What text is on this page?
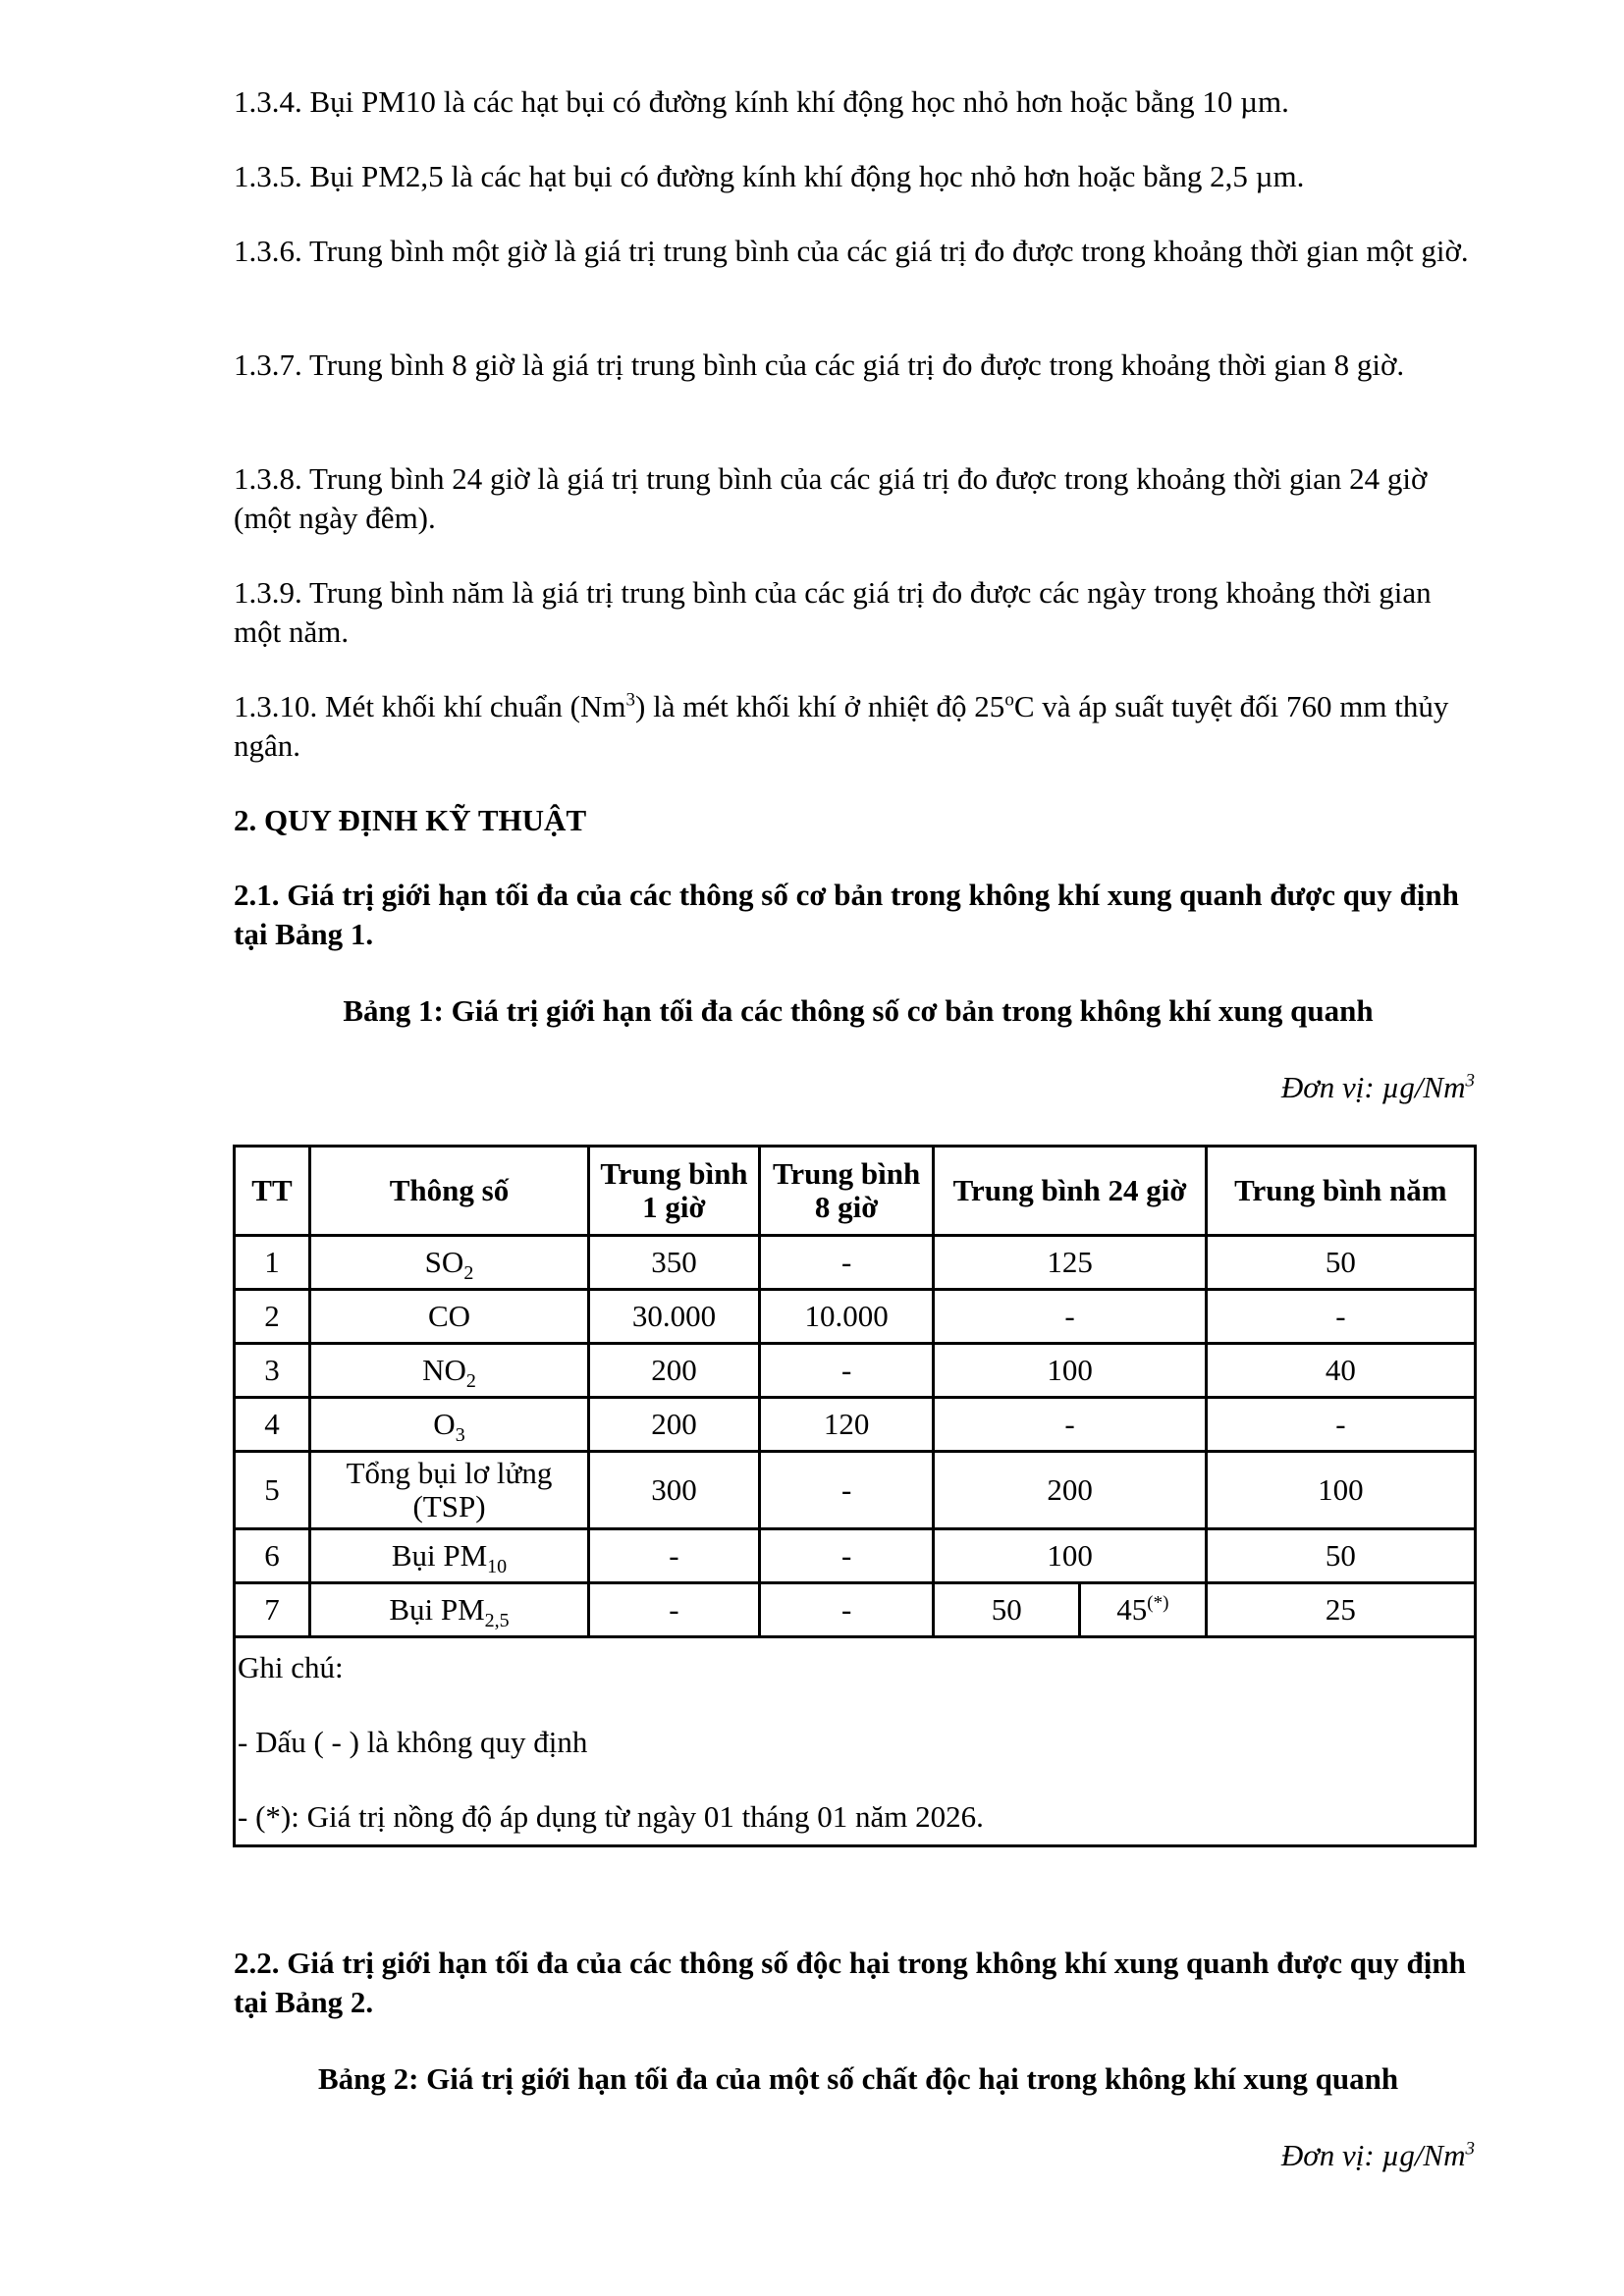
1.3.4. Bụi PM10 là các hạt bụi có đường kính khí động học nhỏ hơn hoặc bằng 10 µm.

1.3.5. Bụi PM2,5 là các hạt bụi có đường kính khí động học nhỏ hơn hoặc bằng 2,5 µm.

1.3.6. Trung bình một giờ là giá trị trung bình của các giá trị đo được trong khoảng thời gian một giờ.

1.3.7. Trung bình 8 giờ là giá trị trung bình của các giá trị đo được trong khoảng thời gian 8 giờ.

1.3.8. Trung bình 24 giờ là giá trị trung bình của các giá trị đo được trong khoảng thời gian 24 giờ (một ngày đêm).

1.3.9. Trung bình năm là giá trị trung bình của các giá trị đo được các ngày trong khoảng thời gian một năm.

1.3.10. Mét khối khí chuẩn (Nm$^3$) là mét khối khí ở nhiệt độ 25$^o$C và áp suất tuyệt đối 760 mm thủy ngân.

2. QUY ĐỊNH KỸ THUẬT

2.1. Giá trị giới hạn tối đa của các thông số cơ bản trong không khí xung quanh được quy định tại Bảng 1.

Bảng 1: Giá trị giới hạn tối đa các thông số cơ bản trong không khí xung quanh

Đơn vị: µg/Nm$^3$

TT	Thông số	Trung bình 1 giờ	Trung bình 8 giờ	Trung bình 24 giờ		Trung bình năm
1	$SO_2$	350	-	125		50
2	CO	30.000	10.000	-		-
3	$NO_2$	200	-	100		40
4	$O_3$	200	120	-		-
5	Tổng bụi lơ lửng (TSP)	300	-	200		100
6	Bụi $PM_{10}$	-	-	100		50
7	Bụi $PM_{2,5}$	-	-	50	45(*)	25

Ghi chú:

- Dấu ( - ) là không quy định

- (*): Giá trị nồng độ áp dụng từ ngày 01 tháng 01 năm 2026.						

2.2. Giá trị giới hạn tối đa của các thông số độc hại trong không khí xung quanh được quy định tại Bảng 2.

Bảng 2: Giá trị giới hạn tối đa của một số chất độc hại trong không khí xung quanh

Đơn vị: µg/Nm$^3$
